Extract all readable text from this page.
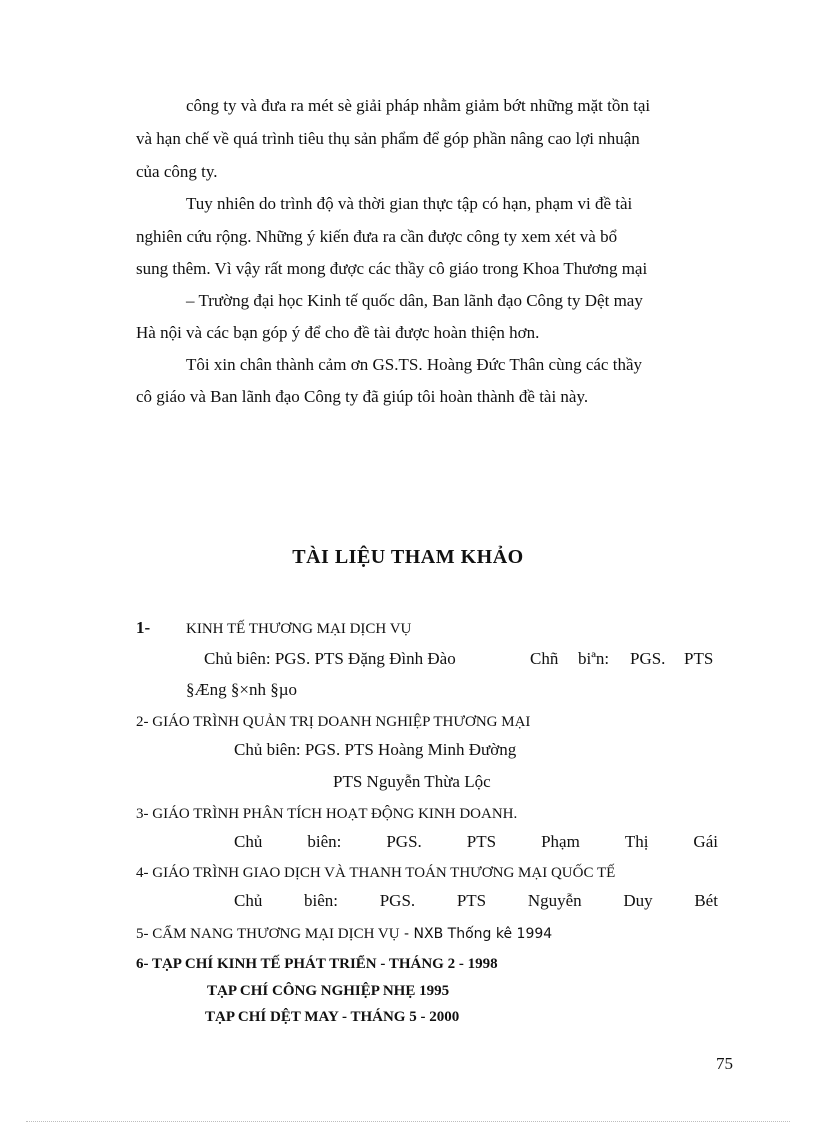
công ty và đưa ra mét sè giải pháp nhằm giảm bớt những mặt tồn tại
và hạn chế về quá trình tiêu thụ sản phẩm để góp phần nâng cao lợi nhuận
của công ty.
Tuy nhiên do trình độ và thời gian thực tập có hạn, phạm vi đề tài
nghiên cứu rộng. Những ý kiến đưa ra cần được công ty xem xét và bổ
sung thêm. Vì vậy rất mong được các thầy cô giáo trong Khoa Thương mại
– Trường đại học Kinh tế quốc dân, Ban lãnh đạo Công ty Dệt may
Hà nội và các bạn góp ý để cho đề tài được hoàn thiện hơn.
Tôi xin chân thành cảm ơn GS.TS. Hoàng Đức Thân cùng các thầy
cô giáo và Ban lãnh đạo Công ty đã giúp tôi hoàn thành đề tài này.
TÀI LIỆU THAM KHẢO
1- KINH TẾ THƯƠNG MẠI DỊCH VỤ
Chủ biên: PGS. PTS Đặng Đình Đào	Chñ biªn: PGS. PTS
§Æng §×nh §µo
2- GIÁO TRÌNH QUẢN TRỊ DOANH NGHIỆP THƯƠNG MẠI
Chủ biên: PGS. PTS Hoàng Minh Đường
PTS Nguyễn Thừa Lộc
3- GIÁO TRÌNH PHÂN TÍCH HOẠT ĐỘNG KINH DOANH.
Chủ	biên:	PGS.	PTS	Phạm	Thị	Gái
4- GIÁO TRÌNH GIAO DỊCH VÀ THANH TOÁN THƯƠNG MẠI QUỐC TẾ
Chủ biên: PGS. PTS Nguyễn Duy Bét
5- CẨM NANG THƯƠNG MẠI DỊCH VỤ - NXB Thống kê 1994
6- TẠP CHÍ KINH TẾ PHÁT TRIỂN - THÁNG 2 - 1998
TẠP CHÍ CÔNG NGHIỆP NHẸ 1995
TẠP CHÍ DỆT MAY - THÁNG 5 - 2000
75
